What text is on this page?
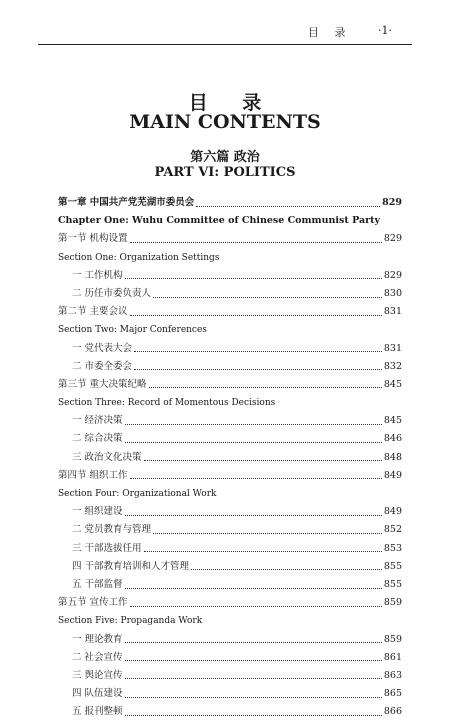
目 录 ·1·
目 录
MAIN CONTENTS
第六篇 政治
PART VI: POLITICS
第一章 中国共产党芜湖市委员会	829
Chapter One: Wuhu Committee of Chinese Communist Party
第一节 机构设置	829
Section One: Organization Settings
一 工作机构	829
二 历任市委负责人	830
第二节 主要会议	831
Section Two: Major Conferences
一 党代表大会	831
二 市委全委会	832
第三节 重大决策纪略	845
Section Three: Record of Momentous Decisions
一 经济决策	845
二 综合决策	846
三 政治文化决策	848
第四节 组织工作	849
Section Four: Organizational Work
一 组织建设	849
二 党员教育与管理	852
三 干部选拔任用	853
四 干部教育培训和人才管理	855
五 干部监督	855
第五节 宣传工作	859
Section Five: Propaganda Work
一 理论教育	859
二 社会宣传	861
三 舆论宣传	863
四 队伍建设	865
五 报刊整顿	866
